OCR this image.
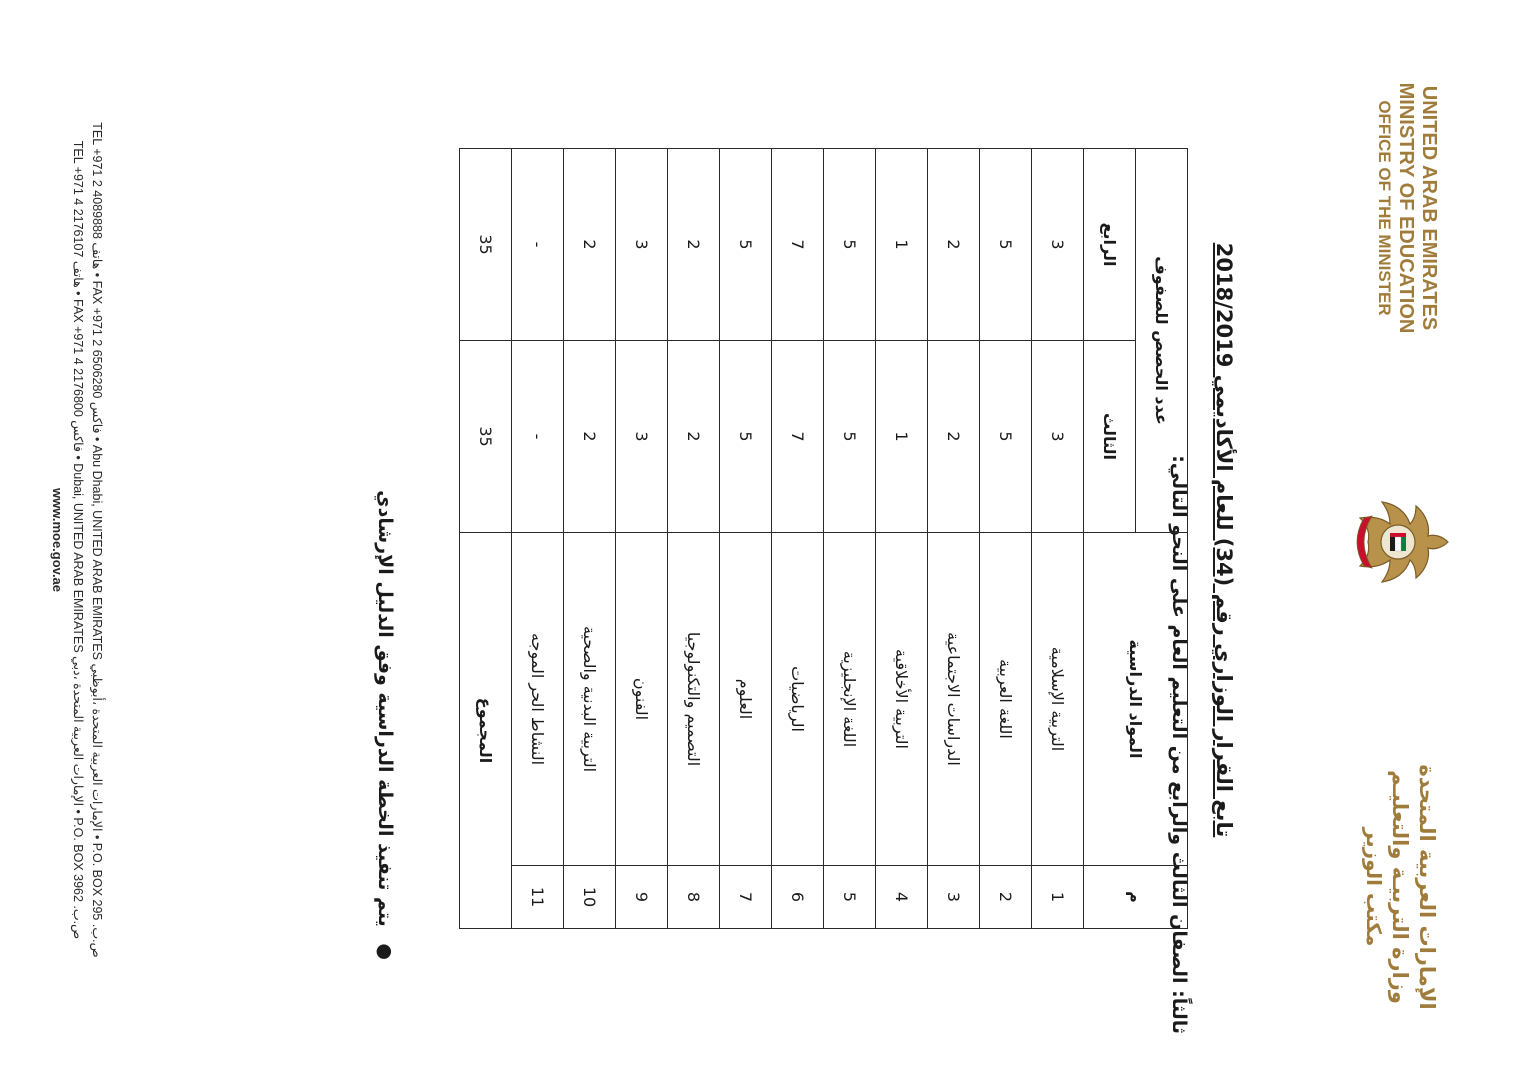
UNITED ARAB EMIRATES
MINISTRY OF EDUCATION
OFFICE OF THE MINISTER
الإمارات العربية المتحدة
وزارة التربيـة والتعليـم
مكتب الوزير
تابع القرار الوزاري رقم (34) للعام الأكاديمي 2018/2019
ثالثاً: الصفان الثالث والرابع من التعليم العام على النحو التالي:
م	المواد الدراسية	عدد الحصص للصفوف	
		الثالث	الرابع
1	التربية الإسلامية	3	3
2	اللغة العربية	5	5
3	الدراسات الاجتماعية	2	2
4	التربية الأخلاقية	1	1
5	اللغة الإنجليزية	5	5
6	الرياضيات	7	7
7	العلوم	5	5
8	التصميم والتكنولوجيا	2	2
9	الفنون	3	3
10	التربية البدنية والصحية	2	2
11	النشاط الحر الموجه	-	-
المجموع		35	35
● يتم تنفيذ الخطة الدراسية وفق الدليل الإرشادي
TEL +971 2 4089888 هاتف • FAX +971 2 6506280 فاكس • Abu Dhabi, UNITED ARAB EMIRATES الإمارات العربية المتحدة ،أبوظبي • P.O. BOX 295 .ص.ب
TEL +971 4 2176107 هاتف • FAX +971 4 2176800 فاكس • Dubai, UNITED ARAB EMIRATES الإمارات العربية المتحدة ،دبي • P.O. BOX 3962 .ص.ب
www.moe.gov.ae
